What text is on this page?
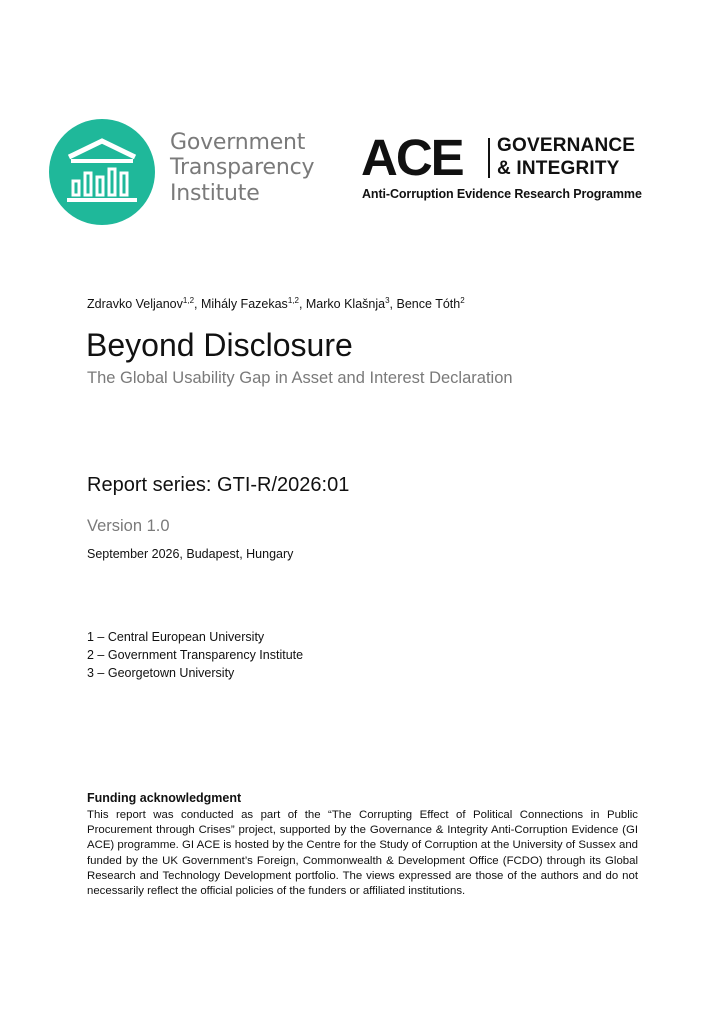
Government
Transparency
Institute
ACE GOVERNANCE
& INTEGRITY
Anti-Corruption Evidence Research Programme
Zdravko Veljanov$^{1,2}$, Mihály Fazekas$^{1,2}$, Marko Klašnja$^3$, Bence Tóth$^2$
Beyond Disclosure
The Global Usability Gap in Asset and Interest Declaration
Report series: GTI-R/2026:01
Version 1.0
September 2026, Budapest, Hungary
1 – Central European University
2 – Government Transparency Institute
3 – Georgetown University
Funding acknowledgment
This report was conducted as part of the “The Corrupting Effect of Political Connections in Public Procurement through Crises” project, supported by the Governance & Integrity Anti-Corruption Evidence (GI ACE) programme. GI ACE is hosted by the Centre for the Study of Corruption at the University of Sussex and funded by the UK Government’s Foreign, Commonwealth & Development Office (FCDO) through its Global Research and Technology Development portfolio. The views expressed are those of the authors and do not necessarily reflect the official policies of the funders or affiliated institutions.
